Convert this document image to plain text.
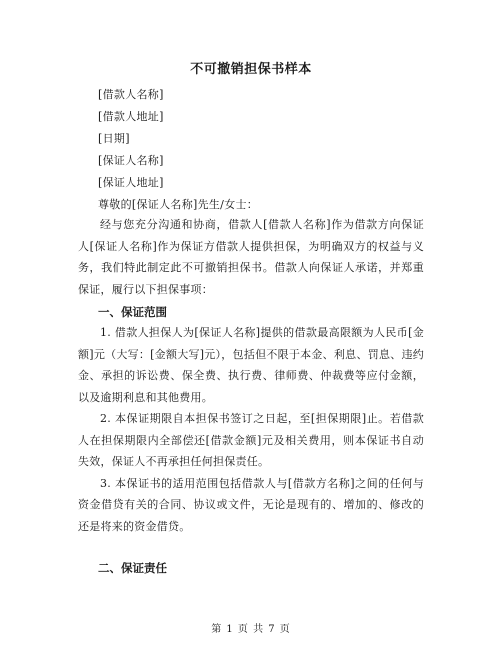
不可撤销担保书样本
[借款人名称]
[借款人地址]
[日期]
[保证人名称]
[保证人地址]
尊敬的[保证人名称]先生/女士：

经与您充分沟通和协商，借款人[借款人名称]作为借款方向保证人[保证人名称]作为保证方借款人提供担保，为明确双方的权益与义务，我们特此制定此不可撤销担保书。借款人向保证人承诺，并郑重保证，履行以下担保事项：

一、保证范围

1. 借款人担保人为[保证人名称]提供的借款最高限额为人民币[金额]元（大写：[金额大写]元），包括但不限于本金、利息、罚息、违约金、承担的诉讼费、保全费、执行费、律师费、仲裁费等应付金额，以及逾期利息和其他费用。

2. 本保证期限自本担保书签订之日起，至[担保期限]止。若借款人在担保期限内全部偿还[借款金额]元及相关费用，则本保证书自动失效，保证人不再承担任何担保责任。

3. 本保证书的适用范围包括借款人与[借款方名称]之间的任何与资金借贷有关的合同、协议或文件，无论是现有的、增加的、修改的还是将来的资金借贷。

二、保证责任
第 1 页 共 7 页
